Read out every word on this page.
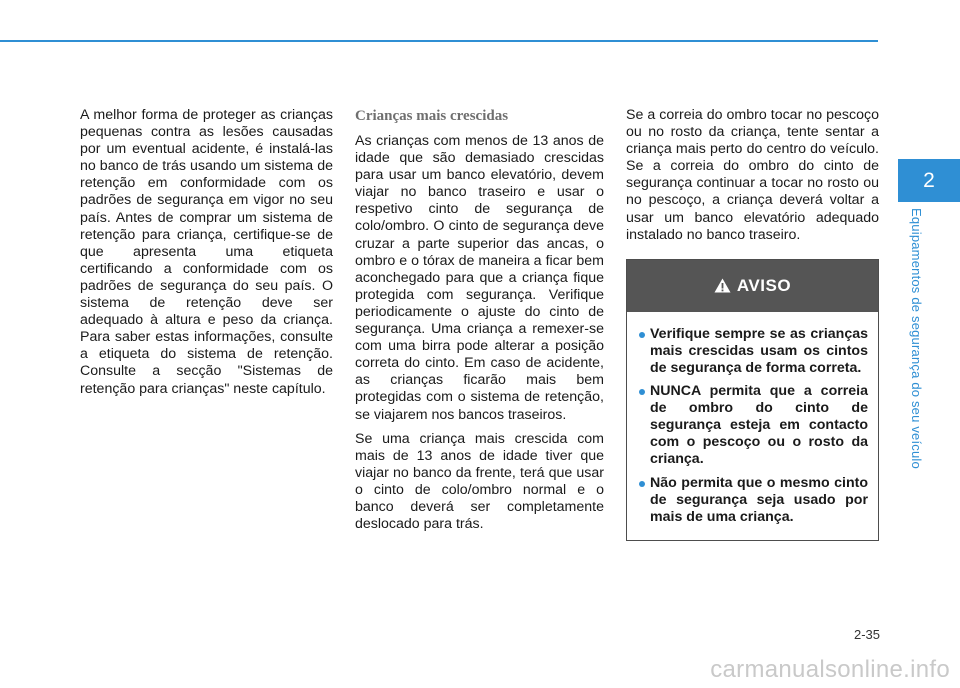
A melhor forma de proteger as crianças pequenas contra as lesões causadas por um eventual acidente, é instalá-las no banco de trás usando um sistema de retenção em conformidade com os padrões de segurança em vigor no seu país. Antes de comprar um sistema de retenção para criança, certifique-se de que apresenta uma etiqueta certificando a conformidade com os padrões de segurança do seu país. O sistema de retenção deve ser adequado à altura e peso da criança. Para saber estas informações, consulte a etiqueta do sistema de retenção. Consulte a secção "Sistemas de retenção para crianças" neste capítulo.

Crianças mais crescidas

As crianças com menos de 13 anos de idade que são demasiado crescidas para usar um banco elevatório, devem viajar no banco traseiro e usar o respetivo cinto de segurança de colo/ombro. O cinto de segurança deve cruzar a parte superior das ancas, o ombro e o tórax de maneira a ficar bem aconchegado para que a criança fique protegida com segurança. Verifique periodicamente o ajuste do cinto de segurança. Uma criança a remexer-se com uma birra pode alterar a posição correta do cinto. Em caso de acidente, as crianças ficarão mais bem protegidas com o sistema de retenção, se viajarem nos bancos traseiros.

Se uma criança mais crescida com mais de 13 anos de idade tiver que viajar no banco da frente, terá que usar o cinto de colo/ombro normal e o banco deverá ser completamente deslocado para trás.

Se a correia do ombro tocar no pescoço ou no rosto da criança, tente sentar a criança mais perto do centro do veículo. Se a correia do ombro do cinto de segurança continuar a tocar no rosto ou no pescoço, a criança deverá voltar a usar um banco elevatório adequado instalado no banco traseiro.

AVISO
Verifique sempre se as crianças mais crescidas usam os cintos de segurança de forma correta.
NUNCA permita que a correia de ombro do cinto de segurança esteja em contacto com o pescoço ou o rosto da criança.
Não permita que o mesmo cinto de segurança seja usado por mais de uma criança.
2
Equipamentos de segurança do seu veículo
2-35
carmanualsonline.info
